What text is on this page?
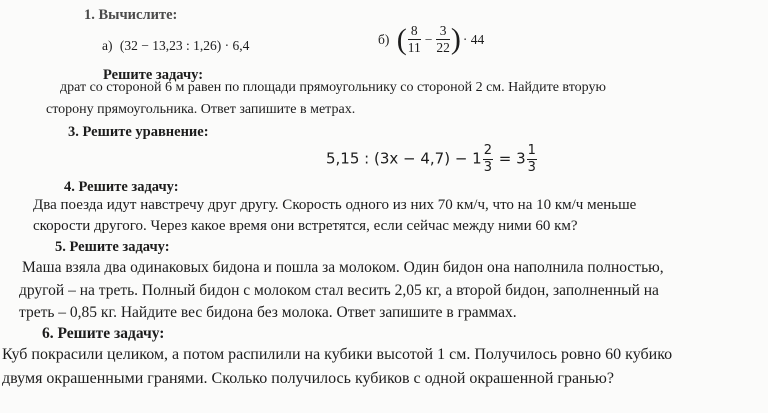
1. Вычислите:
а) (32 − 13,23 : 1,26) · 6,4	б) ( $\frac{8}{11} - \frac{3}{22}$ ) · 44
Решите задачу:
драт со стороной 6 м равен по площади прямоугольнику со стороной 2 см. Найдите вторую
сторону прямоугольника. Ответ запишите в метрах.
3. Решите уравнение:
5,15 : $(3x - 4,7) - 1 \frac{2}{3} = 3 \frac{1}{3}$
4. Решите задачу:
Два поезда идут навстречу друг другу. Скорость одного из них 70 км/ч, что на 10 км/ч меньше
скорости другого. Через какое время они встретятся, если сейчас между ними 60 км?
5. Решите задачу:
Маша взяла два одинаковых бидона и пошла за молоком. Один бидон она наполнила полностью,
другой – на треть. Полный бидон с молоком стал весить 2,05 кг, а второй бидон, заполненный на
треть – 0,85 кг. Найдите вес бидона без молока. Ответ запишите в граммах.
6. Решите задачу:
Куб покрасили целиком, а потом распилили на кубики высотой 1 см. Получилось ровно 60 кубико
двумя окрашенными гранями. Сколько получилось кубиков с одной окрашенной гранью?
